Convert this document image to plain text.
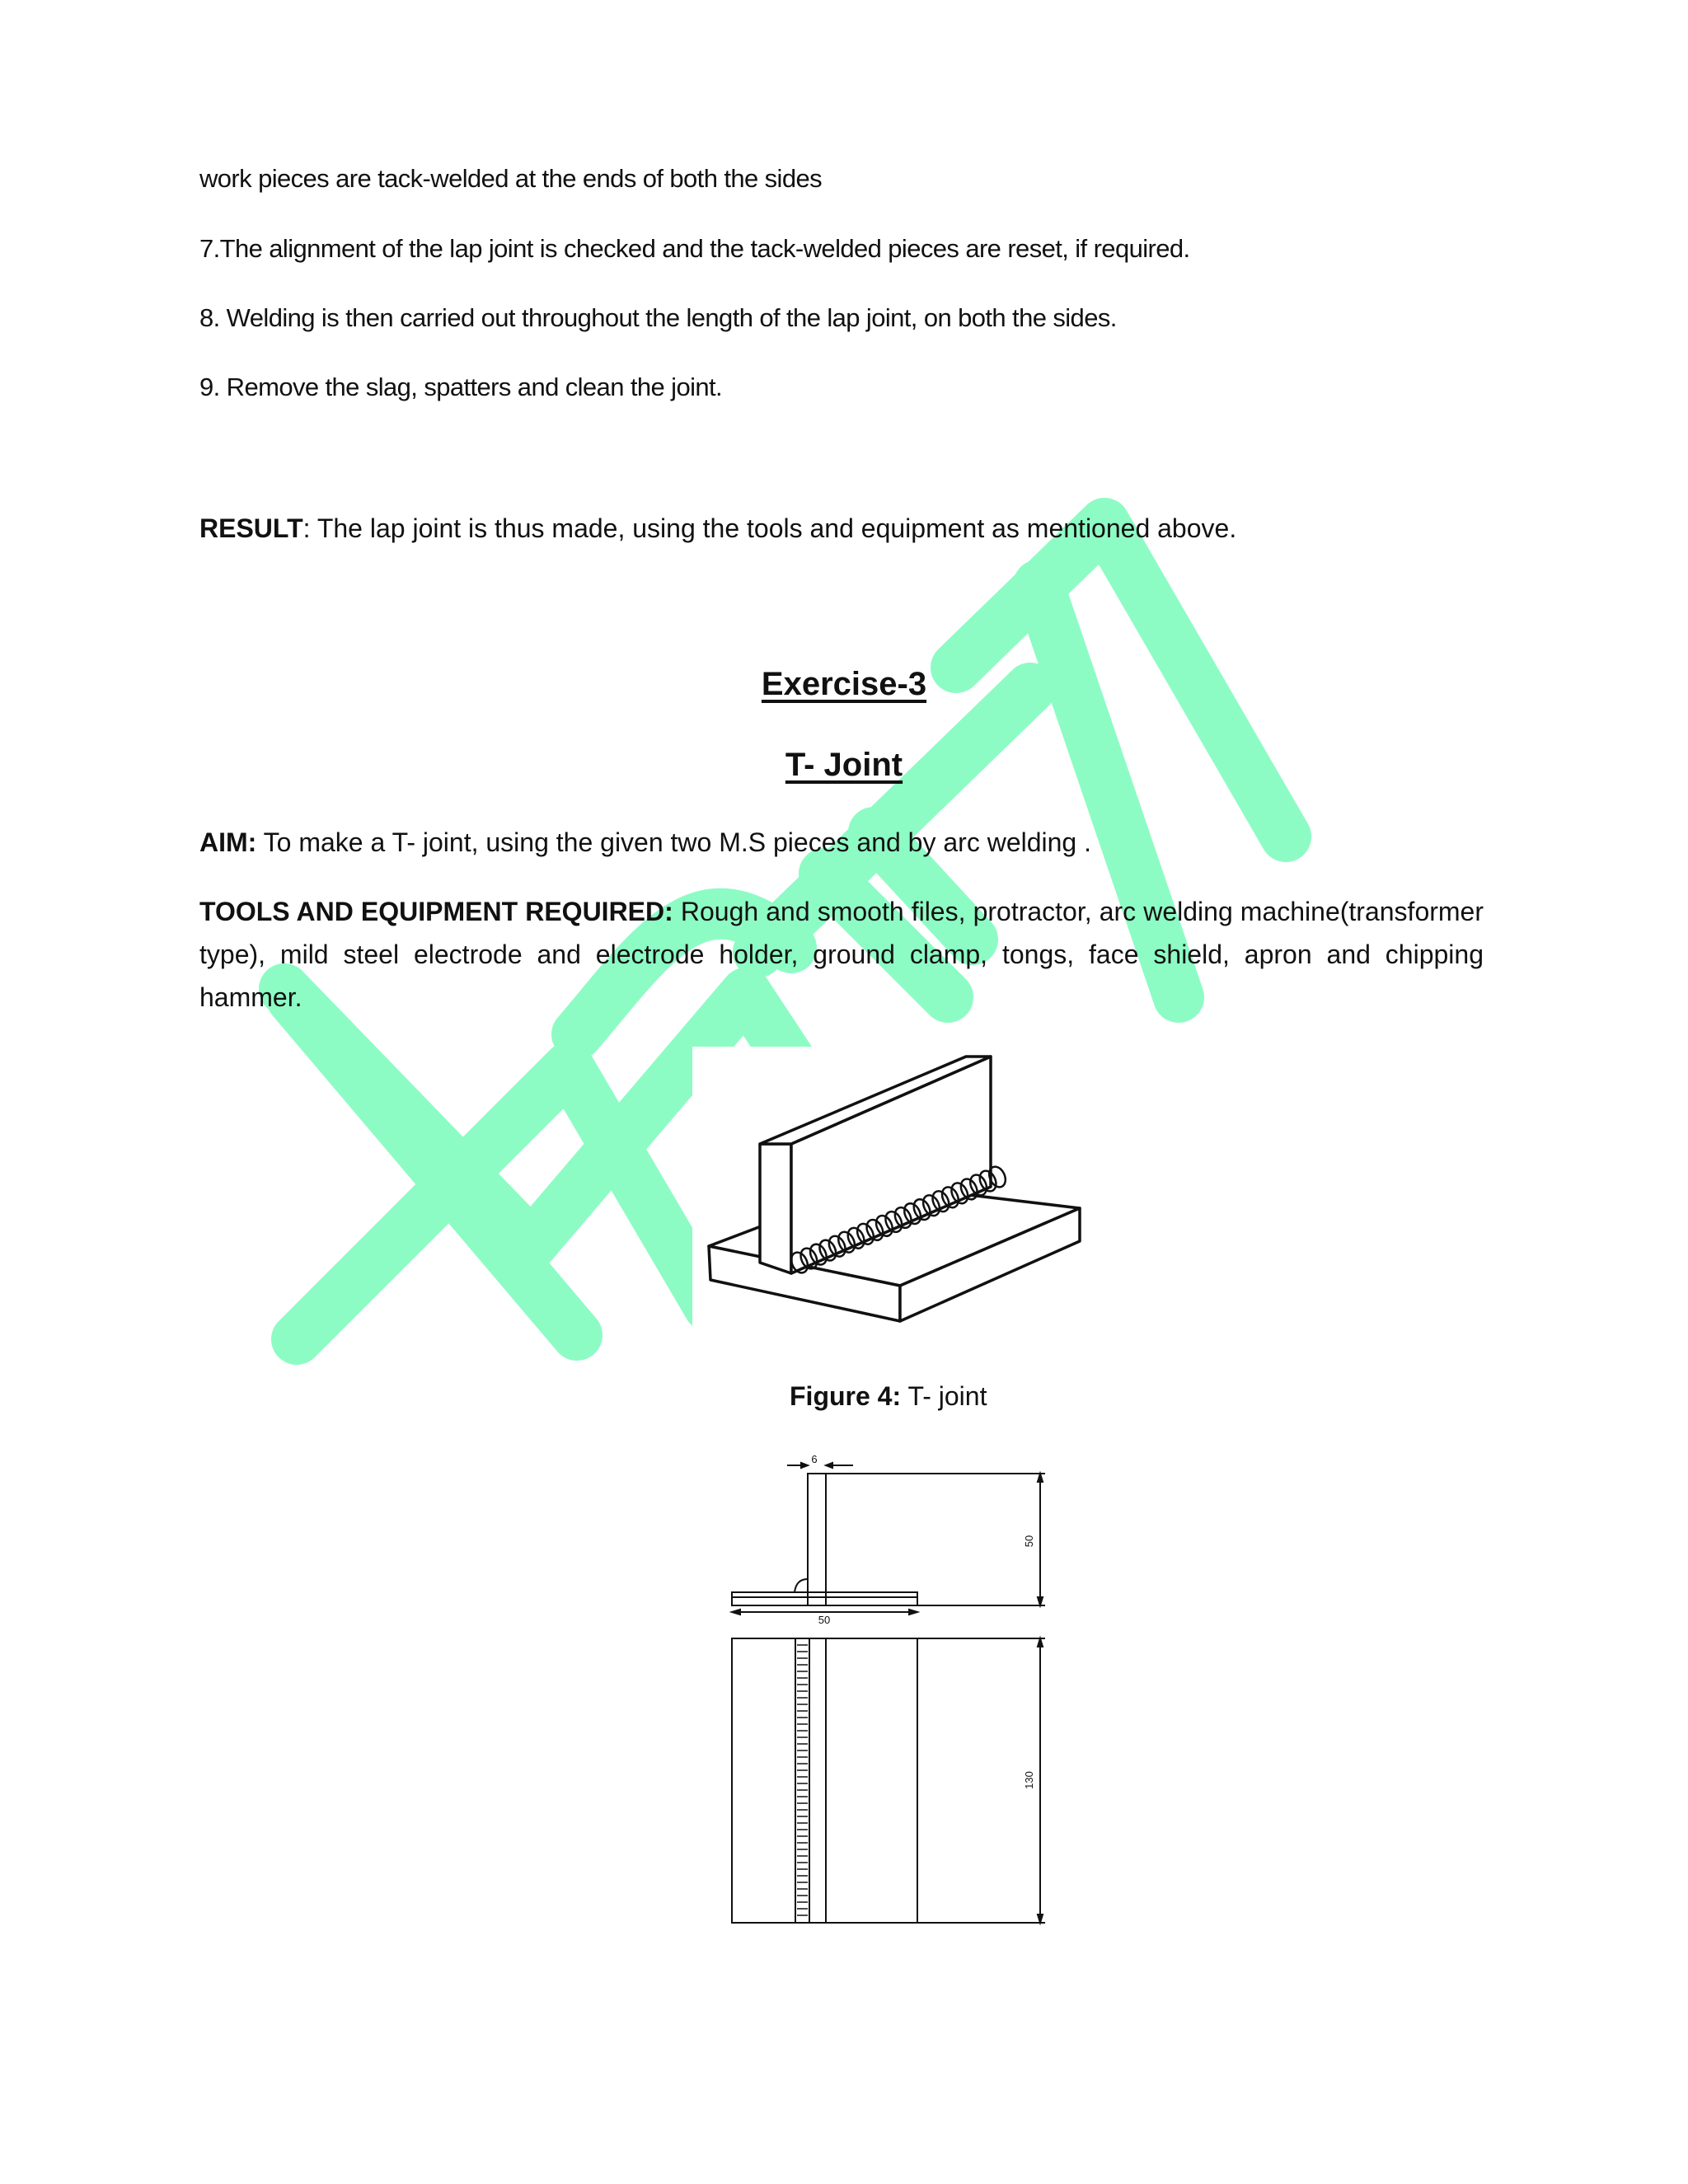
work pieces are tack-welded at the ends of both the sides
7.The alignment of the lap joint is checked and the tack-welded pieces are reset, if required.
8. Welding is then carried out throughout the length of the lap joint, on both the sides.
9. Remove the slag, spatters and clean the joint.
RESULT: The lap joint is thus made, using the tools and equipment as mentioned above.
Exercise-3
T- Joint
AIM: To make a T- joint, using the given two M.S pieces and by arc welding .
TOOLS AND EQUIPMENT REQUIRED: Rough and smooth files, protractor, arc welding machine(transformer type), mild steel electrode and electrode holder, ground clamp, tongs, face shield, apron and chipping hammer.
Figure 4: T- joint
6
50
50
130
